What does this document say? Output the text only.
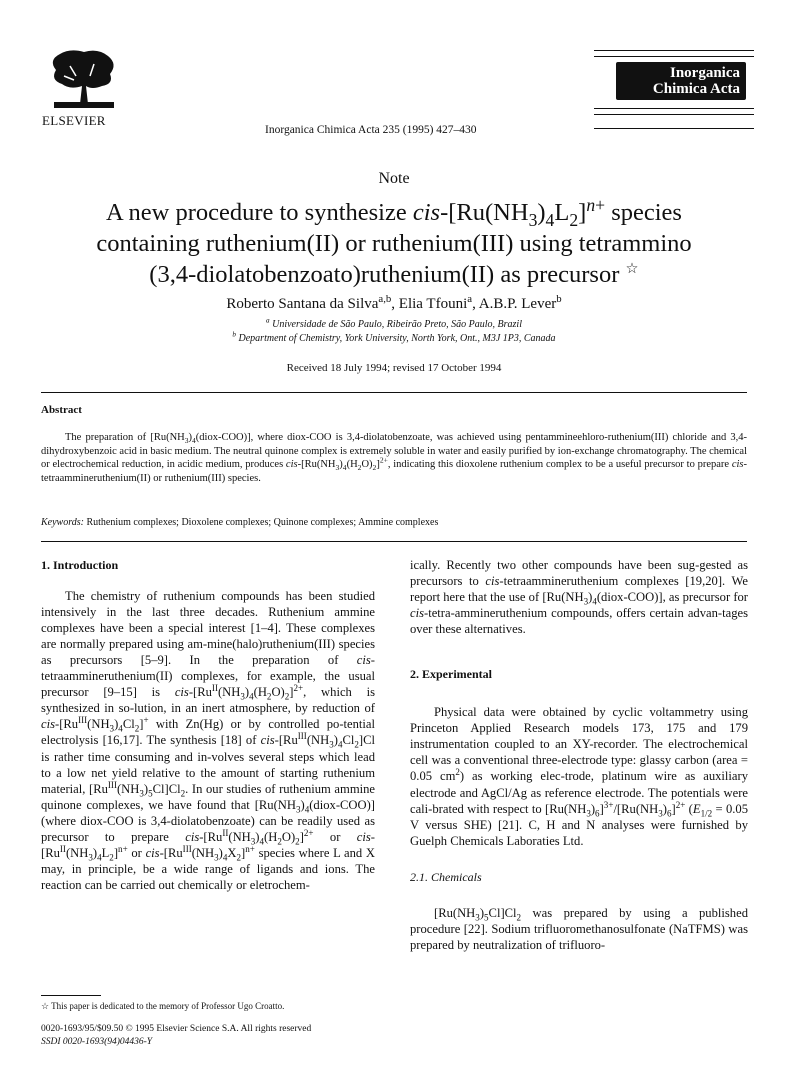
ELSEVIER
Inorganica Chimica Acta 235 (1995) 427–430
Inorganica Chimica Acta
Note
A new procedure to synthesize cis-$[Ru(NH_3)_4L_2]^{n+}$ species
containing ruthenium(II) or ruthenium(III) using tetrammino
(3,4-diolatobenzoato)ruthenium(II) as precursor ☆
Roberto Santana da Silva$^{a,b}$, Elia Tfouni$^a$, A.B.P. Lever$^b$
$^a$ Universidade de São Paulo, Ribeirão Preto, São Paulo, Brazil
$^b$ Department of Chemistry, York University, North York, Ont., M3J 1P3, Canada
Received 18 July 1994; revised 17 October 1994
Abstract
The preparation of $[Ru(NH_3)_4(diox-COO)]$, where diox-COO is 3,4-diolatobenzoate, was achieved using pentammineehloro-ruthenium(III) chloride and 3,4-dihydroxybenzoic acid in basic medium. The neutral quinone complex is extremely soluble in water and easily purified by ion-exchange chromatography. The chemical or electrochemical reduction, in acidic medium, produces cis-$[Ru(NH_3)_4(H_2O)_2]^{2+}$, indicating this dioxolene ruthenium complex to be a useful precursor to prepare cis-tetraammineruthenium(II) or ruthenium(III) species.
Keywords: Ruthenium complexes; Dioxolene complexes; Quinone complexes; Ammine complexes

1. Introduction

The chemistry of ruthenium compounds has been studied intensively in the last three decades. Ruthenium ammine complexes have been a special interest [1–4]. These complexes are normally prepared using am-mine(halo)ruthenium(III) species as precursors [5–9]. In the preparation of cis-tetraammineruthenium(II) complexes, for example, the usual precursor [9–15] is cis-$[Ru^{II}(NH_3)_4(H_2O)_2]^{2+}$, which is synthesized in so-lution, in an inert atmosphere, by reduction of cis-$[Ru^{III}(NH_3)_4Cl_2]^+$ with Zn(Hg) or by controlled po-tential electrolysis [16,17]. The synthesis [18] of cis-$[Ru^{III}(NH_3)_4Cl_2]Cl$ is rather time consuming and in-volves several steps which lead to a low net yield relative to the amount of starting ruthenium material, $[Ru^{III}(NH_3)_5Cl]Cl_2$. In our studies of ruthenium ammine quinone complexes, we have found that $[Ru(NH_3)_4(diox-COO)]$ (where diox-COO is 3,4-diolatobenzoate) can be readily used as precursor to prepare cis-$[Ru^{II}(NH_3)_4(H_2O)_2]^{2+}$ or cis-$[Ru^{II}(NH_3)_4L_2]^{n+}$ or cis-$[Ru^{III}(NH_3)_4X_2]^{n+}$ species where L and X may, in principle, be a wide range of ligands and ions. The reaction can be carried out chemically or eletrochem-

☆ This paper is dedicated to the memory of Professor Ugo Croatto.

ically. Recently two other compounds have been sug-gested as precursors to cis-tetraammineruthenium complexes [19,20]. We report here that the use of $[Ru(NH_3)_4(diox-COO)]$, as precursor for cis-tetra-ammineruthenium compounds, offers certain advan-tages over these alternatives.

2. Experimental

Physical data were obtained by cyclic voltammetry using Princeton Applied Research models 173, 175 and 179 instrumentation coupled to an XY-recorder. The electrochemical cell was a conventional three-electrode type: glassy carbon (area = 0.05 $cm^2$) as working elec-trode, platinum wire as auxiliary electrode and AgCl/Ag as reference electrode. The potentials were cali-brated with respect to $[Ru(NH_3)_6]^{3+}/[Ru(NH_3)_6]^{2+}$ ($E_{1/2} = 0.05$ V versus SHE) [21]. C, H and N analyses were furnished by Guelph Chemicals Laboraties Ltd.

2.1. Chemicals

$[Ru(NH_3)_5Cl]Cl_2$ was prepared by using a published procedure [22]. Sodium trifluoromethanosulfonate (NaTFMS) was prepared by neutralization of trifluoro-

0020-1693/95/$09.50 © 1995 Elsevier Science S.A. All rights reserved
SSDI 0020-1693(94)04436-Y
